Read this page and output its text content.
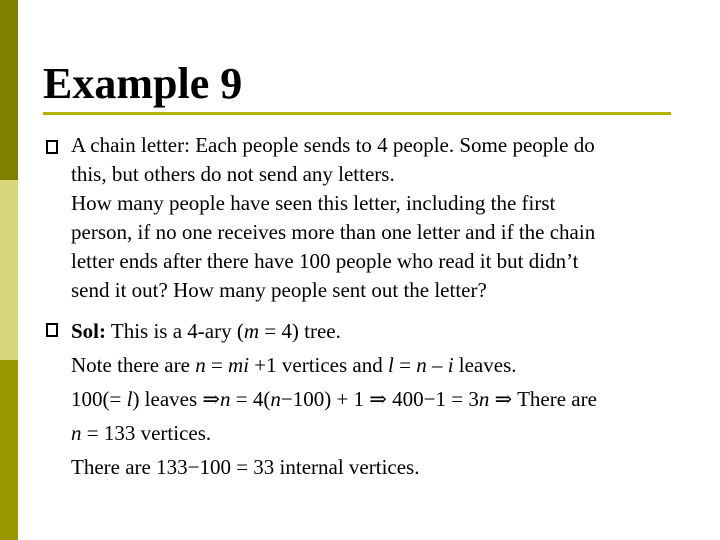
Example 9
A chain letter: Each people sends to 4 people. Some people do
this, but others do not send any letters.
How many people have seen this letter, including the first
person, if no one receives more than one letter and if the chain
letter ends after there have 100 people who read it but didn’t
send it out? How many people sent out the letter?
Sol: This is a 4-ary (m = 4) tree.
Note there are n = mi +1 vertices and l = n – i leaves.
100(= l) leaves ⇒n = 4(n−100) + 1 ⇒ 400−1 = 3n ⇒ There are
n = 133 vertices.
There are 133−100 = 33 internal vertices.
